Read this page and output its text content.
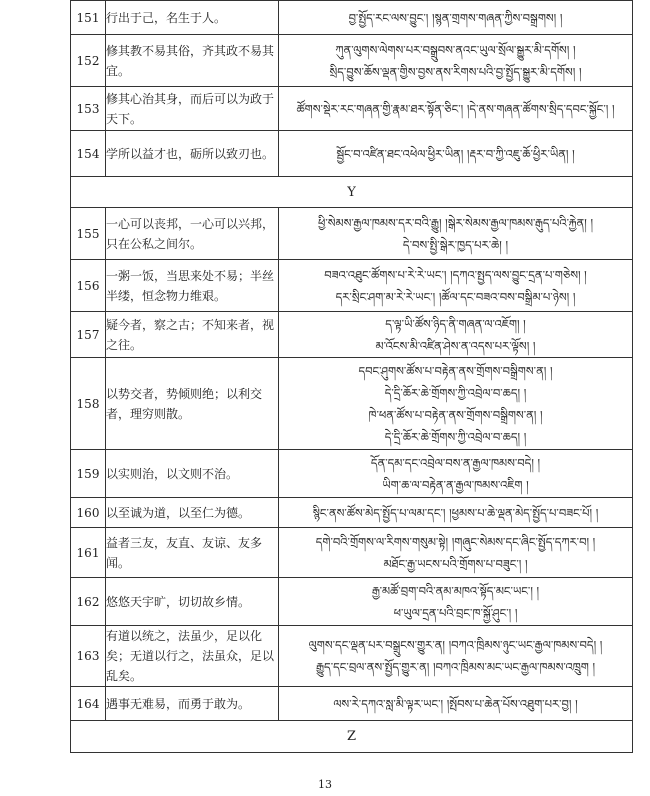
151	行出于己，名生于人。	བྱ་སྤྱོད་རང་ལས་བྱུང་། །སྙན་གྲགས་གཞན་ཀྱིས་བསྒྲགས། །

152	修其教不易其俗，齐其政不易其宜。	ཀུན་ལུགས་ལེགས་པར་བསྒྲུབས་ནའང་ཡུལ་སྲོལ་སྒྱུར་མི་དགོས། །
སྲིད་བྱུས་ཆོས་ལྡན་གྱིས་བྱས་ནས་རིགས་པའི་བྱ་སྤྱོད་སྒྱུར་མི་དགོས། །

153	修其心治其身，而后可以为政于天下。	ཚོགས་སྡེར་རང་གཞན་གྱི་རྣམ་ཐར་སྟོན་ཅིང་། །དེ་ནས་གཞན་ཚོགས་སྲིད་དབང་སྐྱོང་། །

154	学所以益才也，砺所以致刃也。	སྦྱོང་བ་འཛིན་ཐང་འཕེལ་ཕྱིར་ཡིན། །རྡར་བ་ཀྱི་འཇུ་ཆོ་ཕྱིར་ཡིན། །

Y		
155	一心可以丧邦，一心可以兴邦，只在公私之间尔。	ཕྱི་སེམས་རྒྱལ་ཁམས་དར་བའི་རྒྱུ། །སྒེར་སེམས་རྒྱལ་ཁམས་རྒུད་པའི་རྐྱེན། །
དེ་བས་སྤྱི་སྒེར་ཁྱད་པར་ཆེ། །

156	一粥一饭，当思来处不易；半丝半缕，恒念物力维艰。	བཟའ་འཐུང་ཚོགས་པ་རེ་རེ་ཡང་། །དཀའ་སྤྱད་ལས་བྱུང་དྲན་པ་གཅེས། །
དར་སྲིང་ཤག་མ་རེ་རེ་ཡང་། །ཚོལ་དང་བཟའ་བས་བསྒྲིམ་པ་ཉེས། །

157	疑今者，察之古；不知来者，视之往。	ད་ལྟ་ཡི་ཚོས་ཉིད་ནི་གཞན་ལ་འཇོག། །
མ་འོངས་མི་འཛིན་ཤེས་ན་འདས་པར་ལྟོས། །

158	以势交者，势倾则绝；以利交者，理穷则散。	དབང་ཤུགས་ཚོས་པ་བརྟེན་ནས་གྲོགས་བསྒྲིགས་ན། །
དེ་དྲི་ཆོར་ཆེ་གྲོགས་ཀྱི་འབྲེལ་བ་ཆད། །
ཁེ་ཕན་ཚོས་པ་བརྟེན་ནས་གྲོགས་བསྒྲིགས་ན། །
དེ་དྲི་ཆོར་ཆེ་གྲོགས་ཀྱི་འབྲེལ་བ་ཆད། །

159	以实则治，以文则不治。	དོན་དམ་དང་འབྲེལ་བས་ན་རྒྱལ་ཁམས་བདེ། །
ཡིག་ཆ་ལ་བརྟེན་ན་རྒྱལ་ཁམས་འཇིག །

160	以至诚为道，以至仁为德。	སྙིང་ནས་ཚོས་མེད་སྤྱོད་པ་ལམ་དང་། །ཕྱམས་པ་ཆེ་ལྡན་མེད་སྤྱོད་པ་བཟང་པོ། །

161	益者三友，友直、友谅、友多闻。	དགེ་བའི་གྲོགས་ལ་རིགས་གསུམ་སྟེ། །གཞུང་སེམས་དང་ཞིང་སྤྱོད་དཀར་བ། །
མཐོང་རྒྱ་ཡངས་པའི་གྲོགས་པ་བཟུང་། །

162	悠悠天宇旷，切切故乡情。	རྒྱ་མཚོ་བྲག་བའི་ནམ་མཁའ་སྟོད་མང་ཡང་། །
ཕ་ཡུལ་དྲན་པའི་བྲང་ཁ་སྐྱོ་ཤུང་། །

163	有道以统之，法虽少，足以化矣；无道以行之，法虽众，足以乱矣。	ལུགས་དང་ལྡན་པར་བསྒྲུངས་གྱུར་ན། །བཀའ་ཁྲིམས་ཉུང་ཡང་རྒྱལ་ཁམས་བདེ། །
རྒྱུད་དང་བྲལ་ནས་སྤྱོད་གྱུར་ན། །བཀའ་ཁྲིམས་མང་ཡང་རྒྱལ་ཁམས་འཁྲུག །

164	遇事无难易，而勇于敢为。	ལས་རེ་དཀའ་སླ་མི་ལྟར་ཡང་། །སྤོབས་པ་ཆེན་པོས་འཐུག་པར་བྱ། །

Z		
13
